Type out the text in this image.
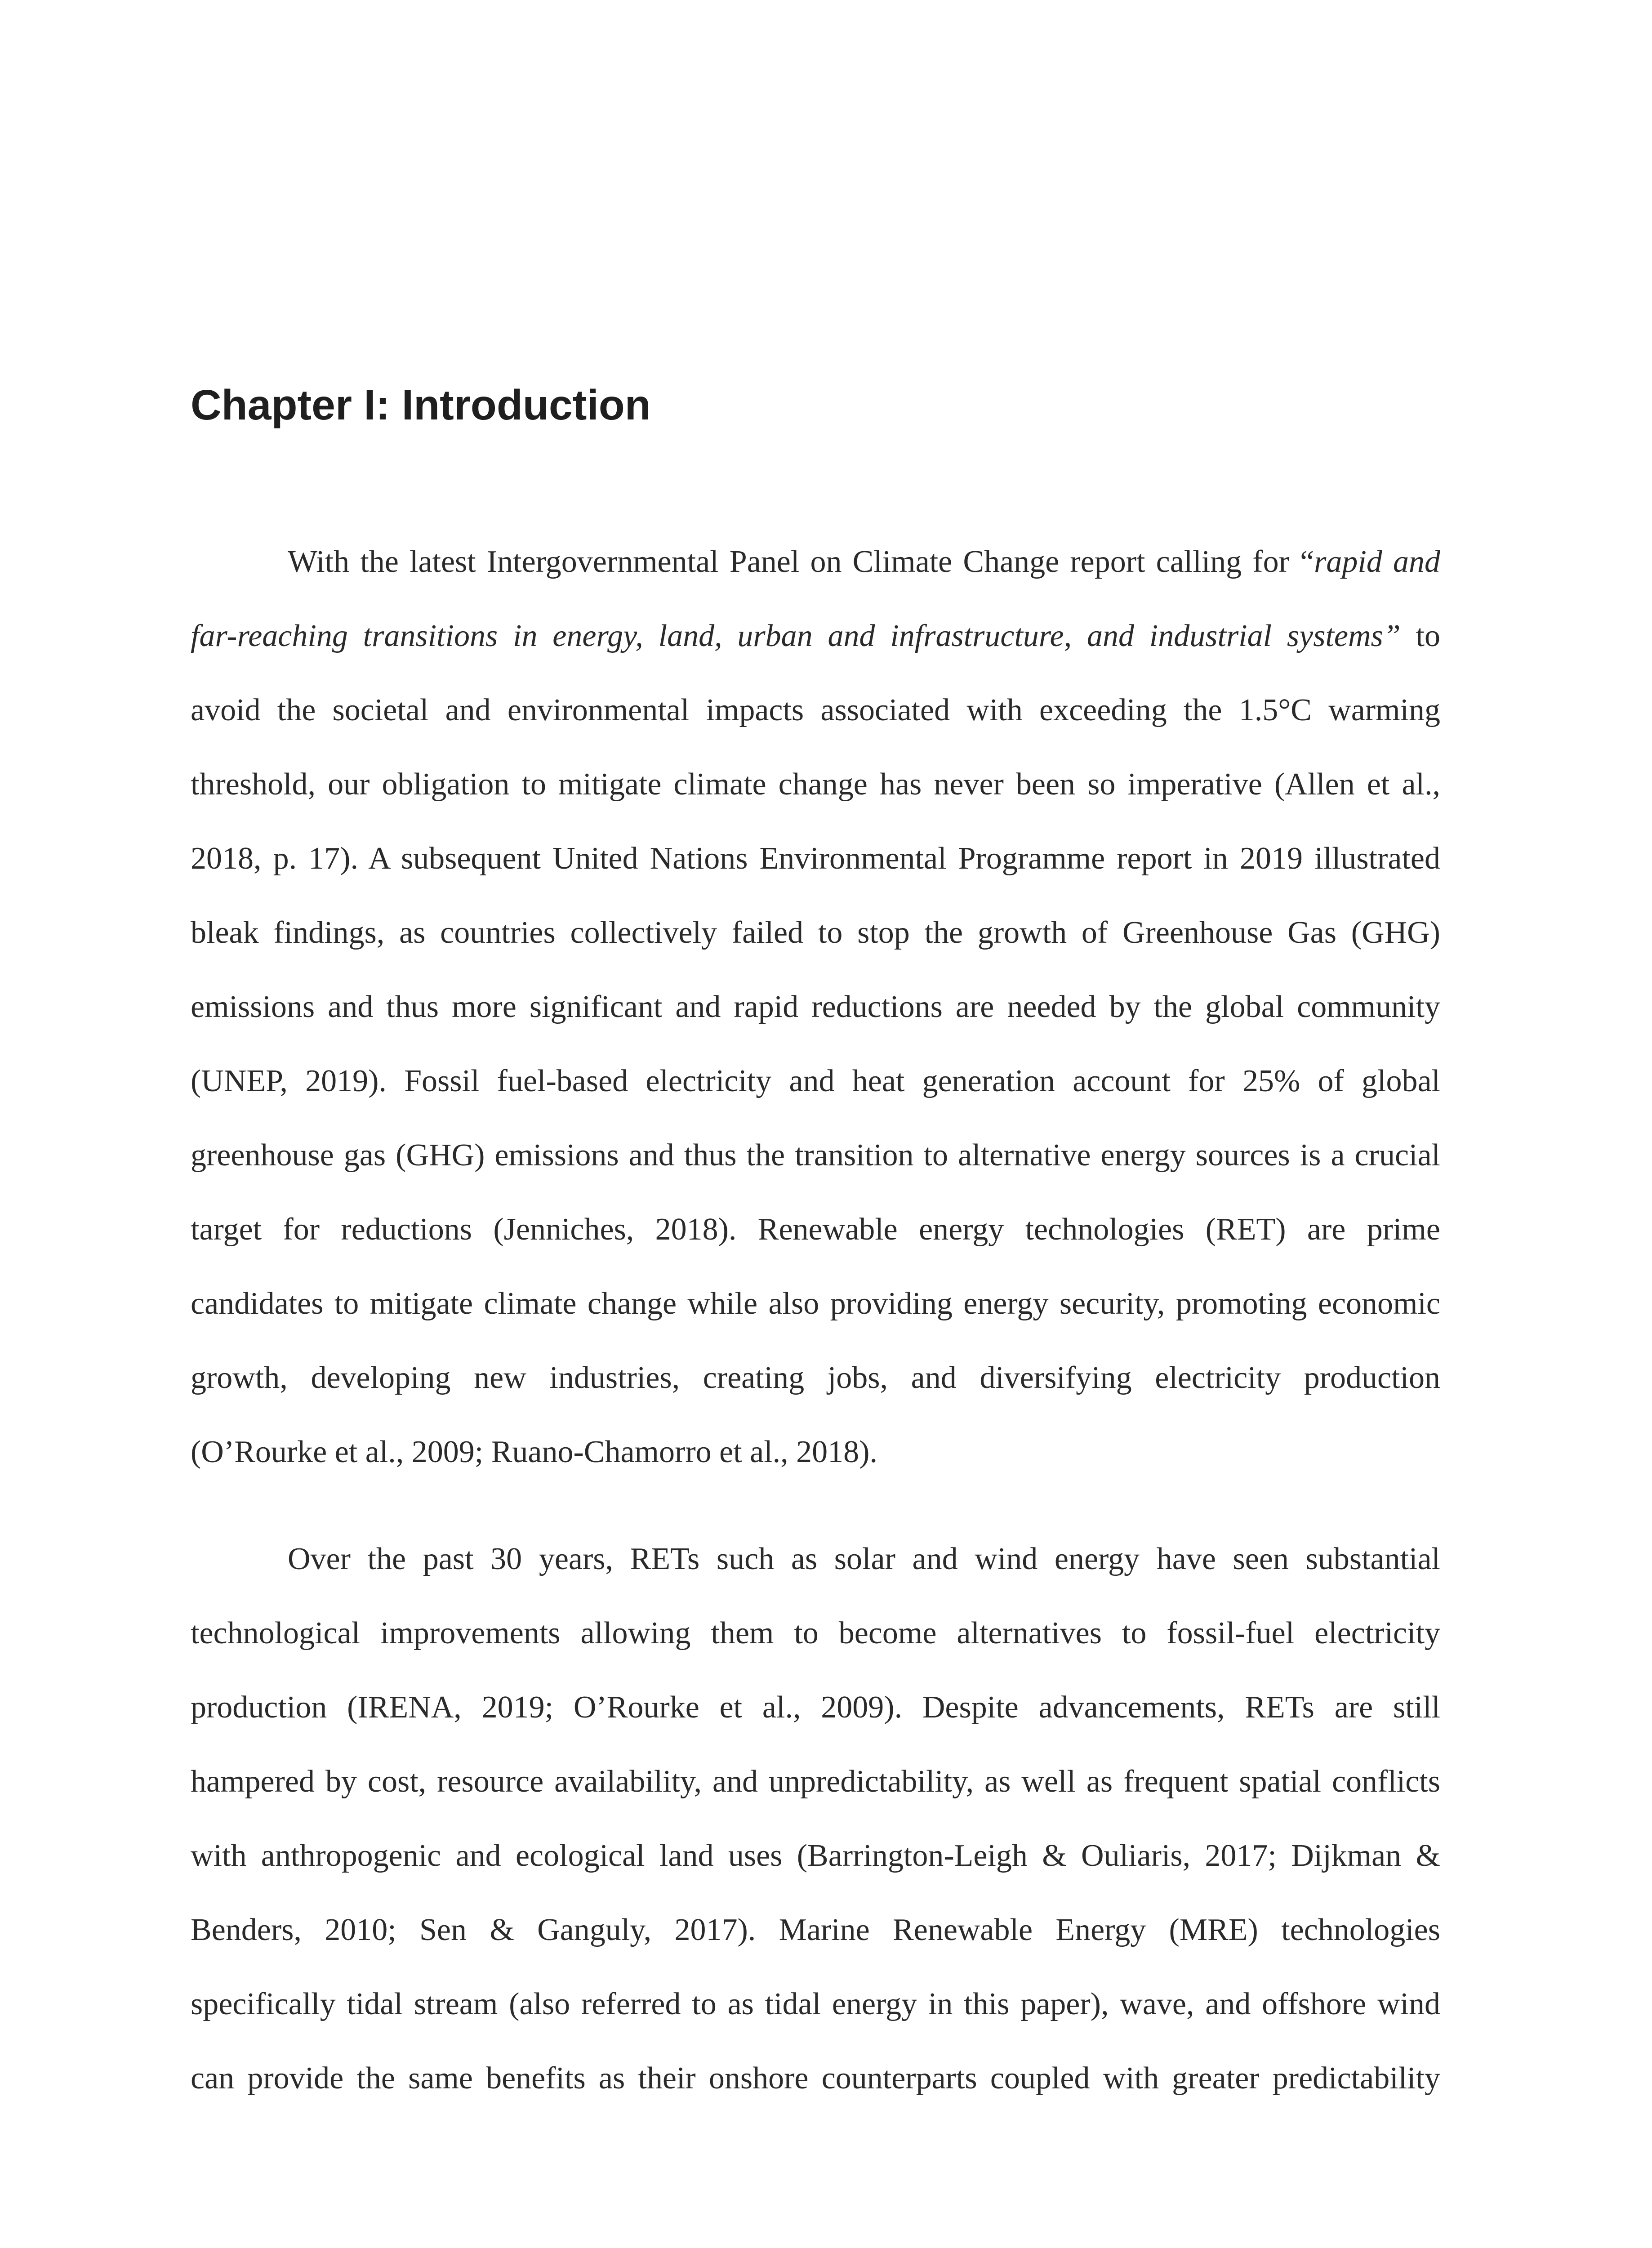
Chapter I: Introduction

With the latest Intergovernmental Panel on Climate Change report calling for “rapid and

far-reaching transitions in energy, land, urban and infrastructure, and industrial systems” to

avoid the societal and environmental impacts associated with exceeding the 1.5°C warming

threshold, our obligation to mitigate climate change has never been so imperative (Allen et al.,

2018, p. 17). A subsequent United Nations Environmental Programme report in 2019 illustrated

bleak findings, as countries collectively failed to stop the growth of Greenhouse Gas (GHG)

emissions and thus more significant and rapid reductions are needed by the global community

(UNEP, 2019). Fossil fuel-based electricity and heat generation account for 25% of global

greenhouse gas (GHG) emissions and thus the transition to alternative energy sources is a crucial

target for reductions (Jenniches, 2018). Renewable energy technologies (RET) are prime

candidates to mitigate climate change while also providing energy security, promoting economic

growth, developing new industries, creating jobs, and diversifying electricity production

(O’Rourke et al., 2009; Ruano-Chamorro et al., 2018).

Over the past 30 years, RETs such as solar and wind energy have seen substantial

technological improvements allowing them to become alternatives to fossil-fuel electricity

production (IRENA, 2019; O’Rourke et al., 2009). Despite advancements, RETs are still

hampered by cost, resource availability, and unpredictability, as well as frequent spatial conflicts

with anthropogenic and ecological land uses (Barrington-Leigh & Ouliaris, 2017; Dijkman &

Benders, 2010; Sen & Ganguly, 2017). Marine Renewable Energy (MRE) technologies

specifically tidal stream (also referred to as tidal energy in this paper), wave, and offshore wind

can provide the same benefits as their onshore counterparts coupled with greater predictability
